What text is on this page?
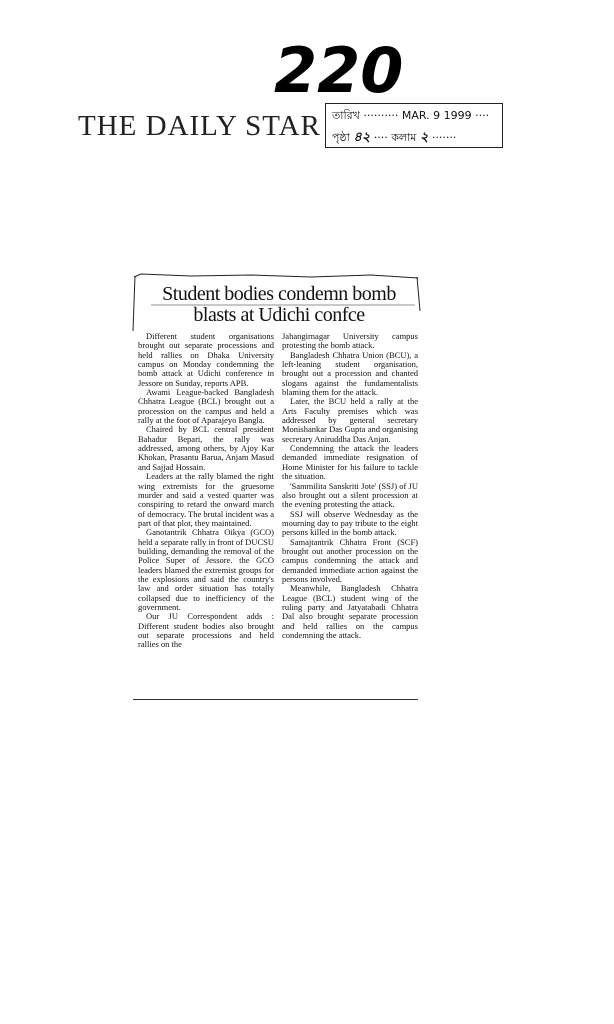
220
THE DAILY STAR তারিখ ·········· MAR. 9 1999 ····
পৃষ্ঠা ৪২ ···· কলাম ২ ·······
Student bodies condemn bomb
blasts at Udichi confce

Different student organisations brought out separate processions and held rallies on Dhaka University campus on Monday condemning the bomb attack at Udichi conference in Jessore on Sunday, reports APB.

Awami League-backed Bangladesh Chhatra League (BCL) brought out a procession on the campus and held a rally at the foot of Aparajeyo Bangla.

Chaired by BCL central president Bahadur Bepari, the rally was addressed, among others, by Ajoy Kar Khokan, Prasantu Barua, Anjam Masud and Sajjad Hossain.

Leaders at the rally blamed the right wing extremists for the gruesome murder and said a vested quarter was conspiring to retard the onward march of democracy. The brutal incident was a part of that plot, they maintained.

Ganotantrik Chhatra Oikya (GCO) held a separate rally in front of DUCSU building, demanding the removal of the Police Super of Jessore. the GCO leaders blamed the extremist groups for the explosions and said the country's law and order situation has totally collapsed due to inefficiency of the government.

Our JU Correspondent adds : Different student bodies also brought out separate processions and held rallies on the

Jahangirnagar University campus protesting the bomb attack.

Bangladesh Chhatra Union (BCU), a left-leaning student organisation, brought out a procession and chanted slogans against the fundamentalists blaming them for the attack.

Later, the BCU held a rally at the Arts Faculty premises which was addressed by general secretary Monishankar Das Gupta and organising secretary Aniruddha Das Anjan.

Condemning the attack the leaders demanded immediate resignation of Home Minister for his failure to tackle the situation.

'Sammilita Sanskriti Jote' (SSJ) of JU also brought out a silent procession at the evening protesting the attack.

SSJ will observe Wednesday as the mourning day to pay tribute to the eight persons killed in the bomb attack.

Samajtantrik Chhatra Front (SCF) brought out another procession on the campus condemning the attack and demanded immediate action against the persons involved.

Meanwhile, Bangladesh Chhatra League (BCL) student wing of the ruling party and Jatyatabadi Chhatra Dal also brought separate procession and held rallies on the campus condemning the attack.
